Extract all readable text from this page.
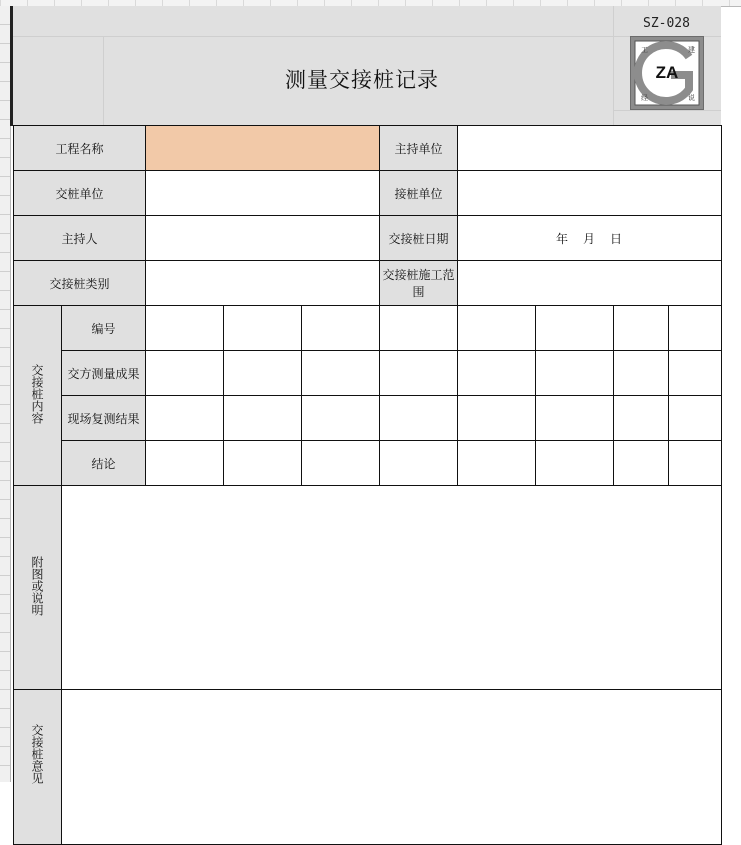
测量交接桩记录
SZ-028
ZA
工	建
经	说
工程名称					主持单位				
交桩单位					接桩单位				
主持人					交接桩日期	年 月 日			
交接桩类别					交接桩施工范围				
交接桩内容	编号								
	交方测量成果								
	现场复测结果								
	结论								
附图或说明									
交接桩意见									
